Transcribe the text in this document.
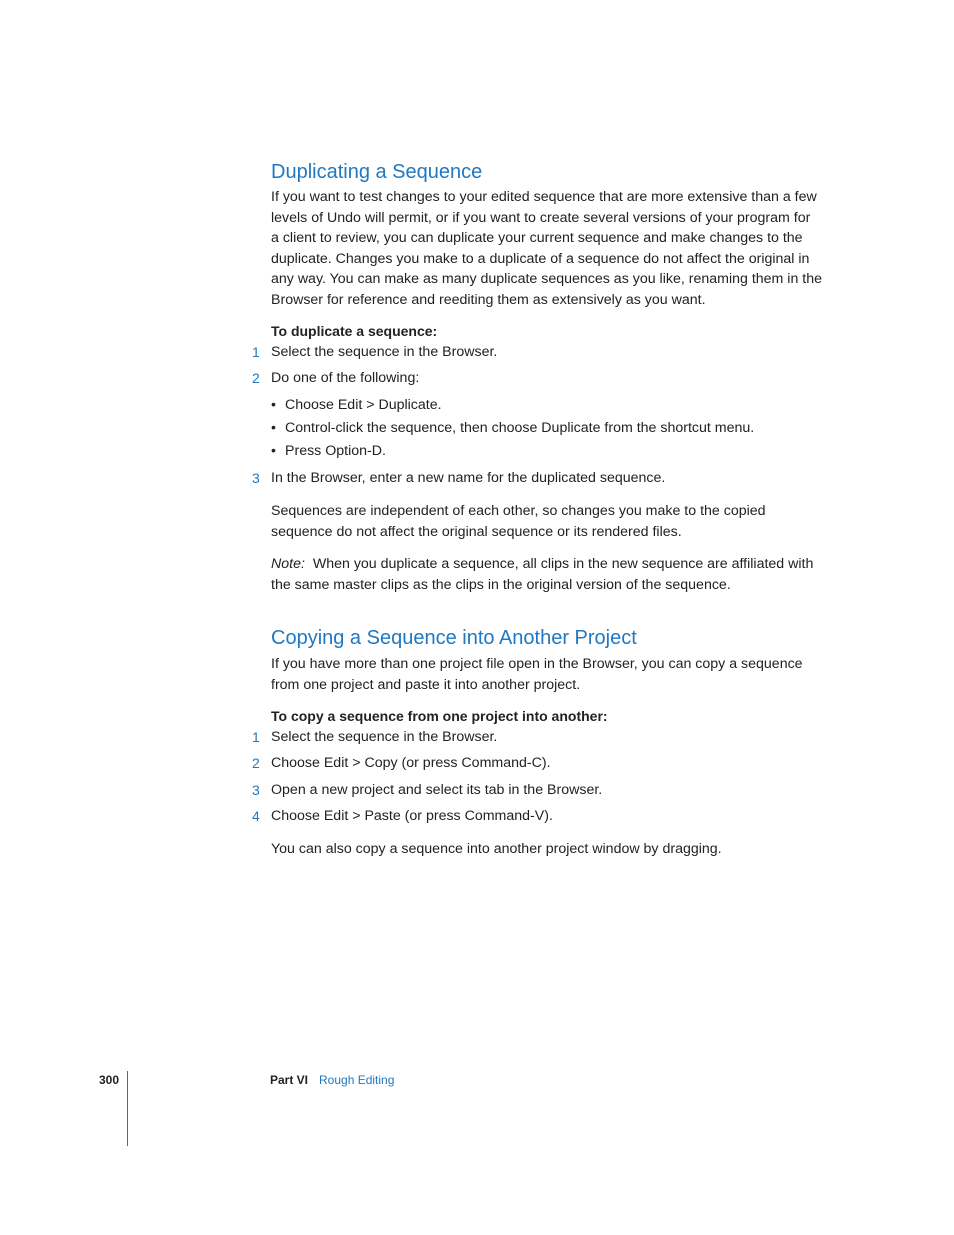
Duplicating a Sequence
If you want to test changes to your edited sequence that are more extensive than a few
levels of Undo will permit, or if you want to create several versions of your program for
a client to review, you can duplicate your current sequence and make changes to the
duplicate. Changes you make to a duplicate of a sequence do not affect the original in
any way. You can make as many duplicate sequences as you like, renaming them in the
Browser for reference and reediting them as extensively as you want.
To duplicate a sequence:
1 Select the sequence in the Browser.
2 Do one of the following:
• Choose Edit > Duplicate.
• Control-click the sequence, then choose Duplicate from the shortcut menu.
• Press Option-D.
3 In the Browser, enter a new name for the duplicated sequence.
Sequences are independent of each other, so changes you make to the copied
sequence do not affect the original sequence or its rendered files.
Note: When you duplicate a sequence, all clips in the new sequence are affiliated with
the same master clips as the clips in the original version of the sequence.
Copying a Sequence into Another Project
If you have more than one project file open in the Browser, you can copy a sequence
from one project and paste it into another project.
To copy a sequence from one project into another:
1 Select the sequence in the Browser.
2 Choose Edit > Copy (or press Command-C).
3 Open a new project and select its tab in the Browser.
4 Choose Edit > Paste (or press Command-V).
You can also copy a sequence into another project window by dragging.
300	Part VI Rough Editing
